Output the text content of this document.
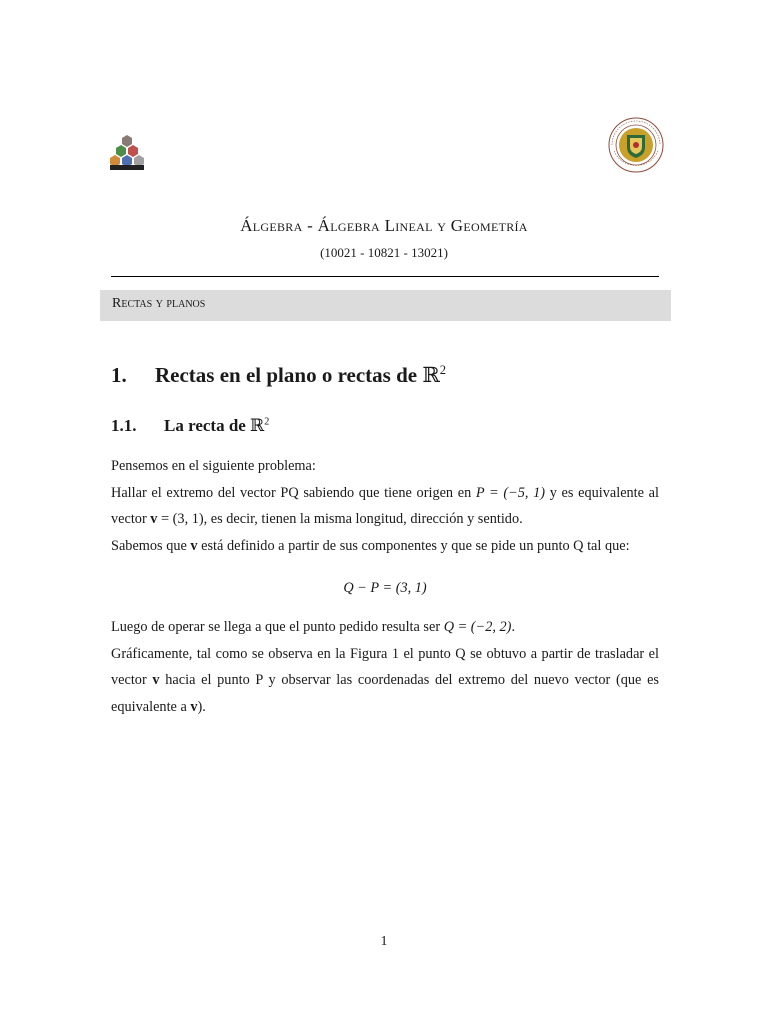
Álgebra - Álgebra Lineal y Geometría
(10021 - 10821 - 13021)
Rectas y planos
1. Rectas en el plano o rectas de ℝ$^2$
1.1. La recta de ℝ$^2$

Pensemos en el siguiente problema:

Hallar el extremo del vector PQ sabiendo que tiene origen en P = (−5, 1) y es equivalente al vector v = (3, 1), es decir, tienen la misma longitud, dirección y sentido.

Sabemos que v está definido a partir de sus componentes y que se pide un punto Q tal que:

Q − P = (3, 1)

Luego de operar se llega a que el punto pedido resulta ser Q = (−2, 2).

Gráficamente, tal como se observa en la Figura 1 el punto Q se obtuvo a partir de trasladar el vector v hacia el punto P y observar las coordenadas del extremo del nuevo vector (que es equivalente a v).

1
